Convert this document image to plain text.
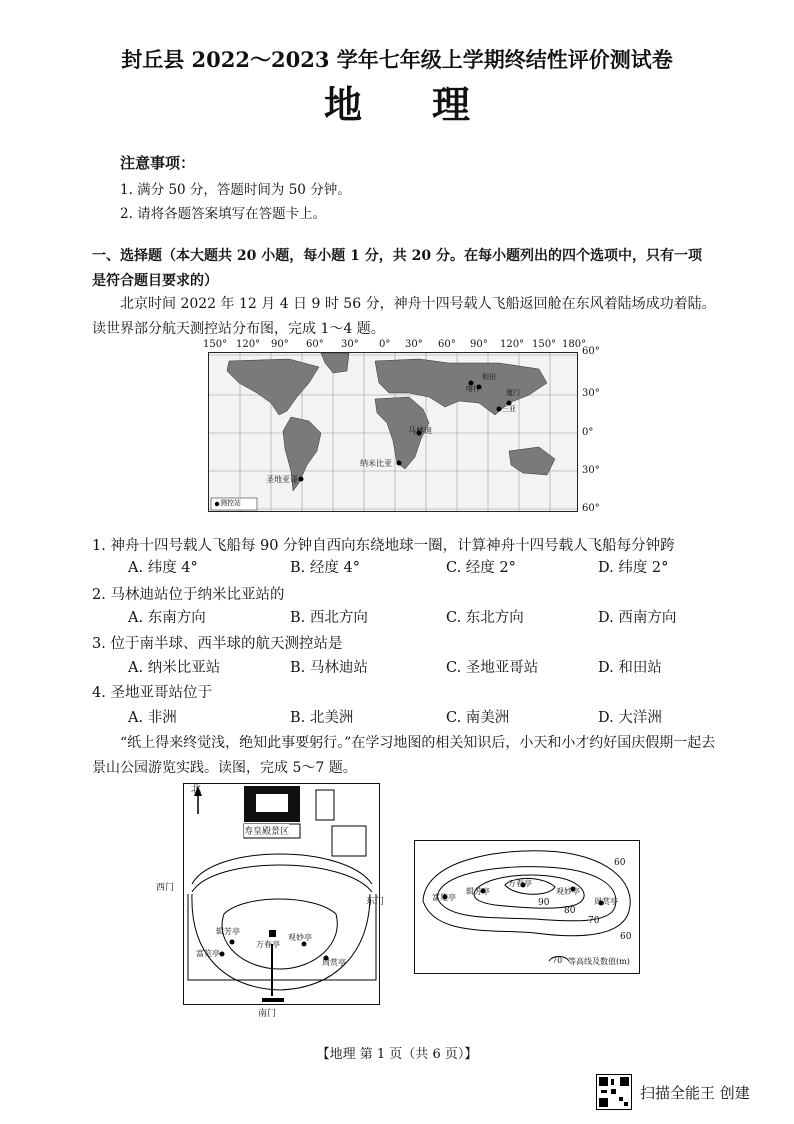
封丘县 2022～2023 学年七年级上学期终结性评价测试卷
地理
注意事项：
1. 满分 50 分，答题时间为 50 分钟。
2. 请将各题答案填写在答题卡上。
一、选择题（本大题共 20 小题，每小题 1 分，共 20 分。在每小题列出的四个选项中，只有一项是符合题目要求的）
北京时间 2022 年 12 月 4 日 9 时 56 分，神舟十四号载人飞船返回舱在东风着陆场成功着陆。读世界部分航天测控站分布图，完成 1～4 题。
150° 120° 90° 60° 30° 0° 30° 60° 90° 120° 150° 180°
马林迪
纳米比亚
圣地亚哥
和田
喀什
三亚
厦门
测控站
60°
30°
0°
30°
60°
1. 神舟十四号载人飞船每 90 分钟自西向东绕地球一圈，计算神舟十四号载人飞船每分钟跨
A. 纬度 4°	B. 经度 4°	C. 经度 2°	D. 纬度 2°
2. 马林迪站位于纳米比亚站的
A. 东南方向	B. 西北方向	C. 东北方向	D. 西南方向
3. 位于南半球、西半球的航天测控站是
A. 纳米比亚站	B. 马林迪站	C. 圣地亚哥站	D. 和田站
4. 圣地亚哥站位于
A. 非洲	B. 北美洲	C. 南美洲	D. 大洋洲
“纸上得来终觉浅，绝知此事要躬行。”在学习地图的相关知识后，小天和小才约好国庆假期一起去景山公园游览实践。读图，完成 5～7 题。
北
寿皇殿景区
西门
东门
南门
辑芳亭
万春亭
观妙亭
富览亭
周赏亭
富览亭
辑芳亭
万春亭
观妙亭
周赏亭
60
90
80
70
60
70 等高线及数值(m)
【地理 第 1 页（共 6 页）】
扫描全能王 创建
